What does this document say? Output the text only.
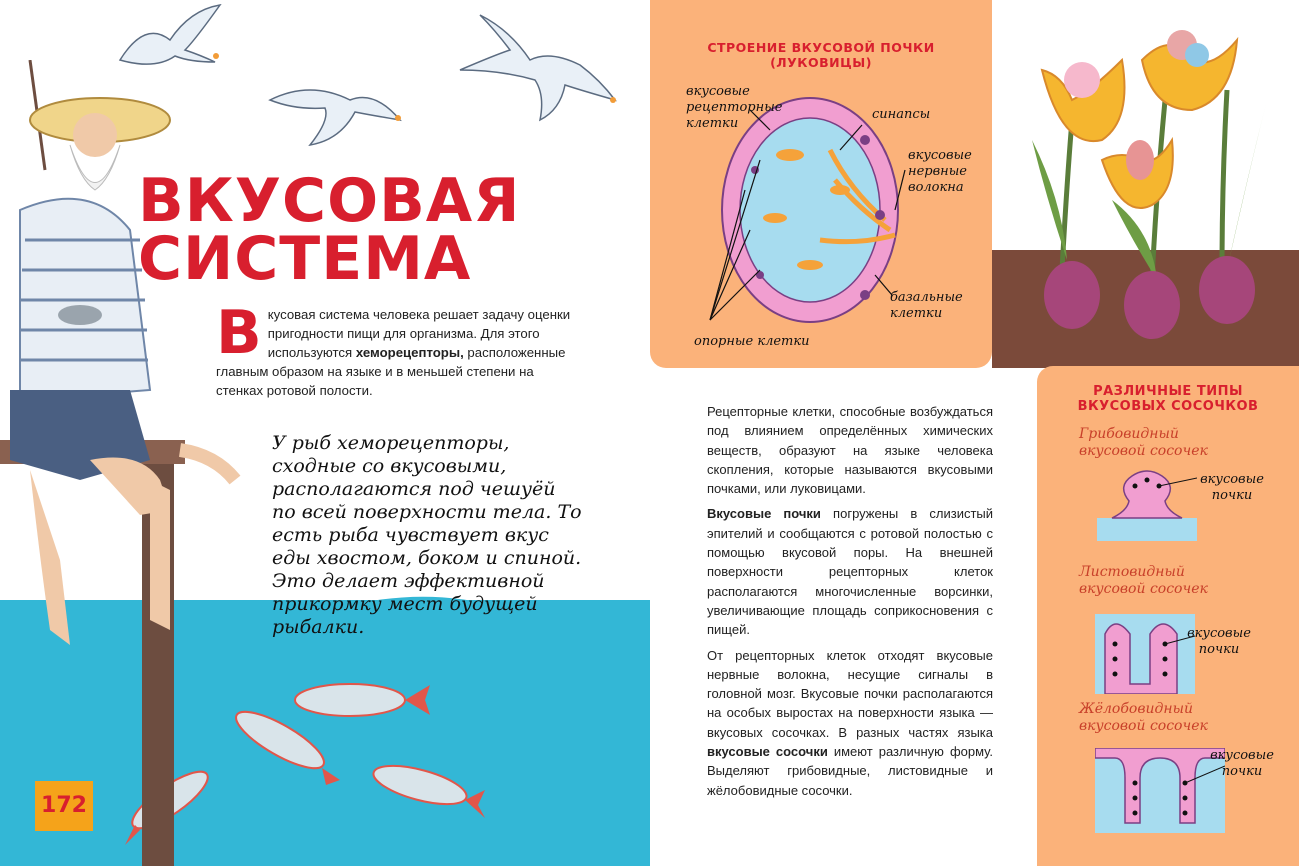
ВКУСОВАЯ
СИСТЕМА
Вкусовая система человека решает задачу оценки пригодности пищи для организма. Для этого используются хеморецепторы, расположенные главным образом на языке и в меньшей степени на стенках ротовой полости.
У рыб хеморецепторы, сходные со вкусовыми, располагаются под чешуёй по всей поверхности тела. То есть рыба чувствует вкус еды хвостом, боком и спиной. Это делает эффективной прикормку мест будущей рыбалки.
172
СТРОЕНИЕ ВКУСОВОЙ ПОЧКИ
(ЛУКОВИЦЫ)
вкусовые рецепторные клетки
синапсы
вкусовые нервные волокна
базальные клетки
опорные клетки

Рецепторные клетки, способные возбуждаться под влиянием определённых химических веществ, образуют на языке человека скопления, которые называются вкусовыми почками, или луковицами.

Вкусовые почки погружены в слизистый эпителий и сообщаются с ротовой полостью с помощью вкусовой поры. На внешней поверхности рецепторных клеток располагаются многочисленные ворсинки, увеличивающие площадь соприкосновения с пищей.

От рецепторных клеток отходят вкусовые нервные волокна, несущие сигналы в головной мозг. Вкусовые почки располагаются на особых выростах на поверхности языка — вкусовых сосочках. В разных частях языка вкусовые сосочки имеют различную форму. Выделяют грибовидные, листовидные и жёлобовидные сосочки.

РАЗЛИЧНЫЕ ТИПЫ
ВКУСОВЫХ СОСОЧКОВ
Грибовидный вкусовой сосочек
вкусовые почки
Листовидный вкусовой сосочек
вкусовые почки
Жёлобовидный вкусовой сосочек
вкусовые почки
